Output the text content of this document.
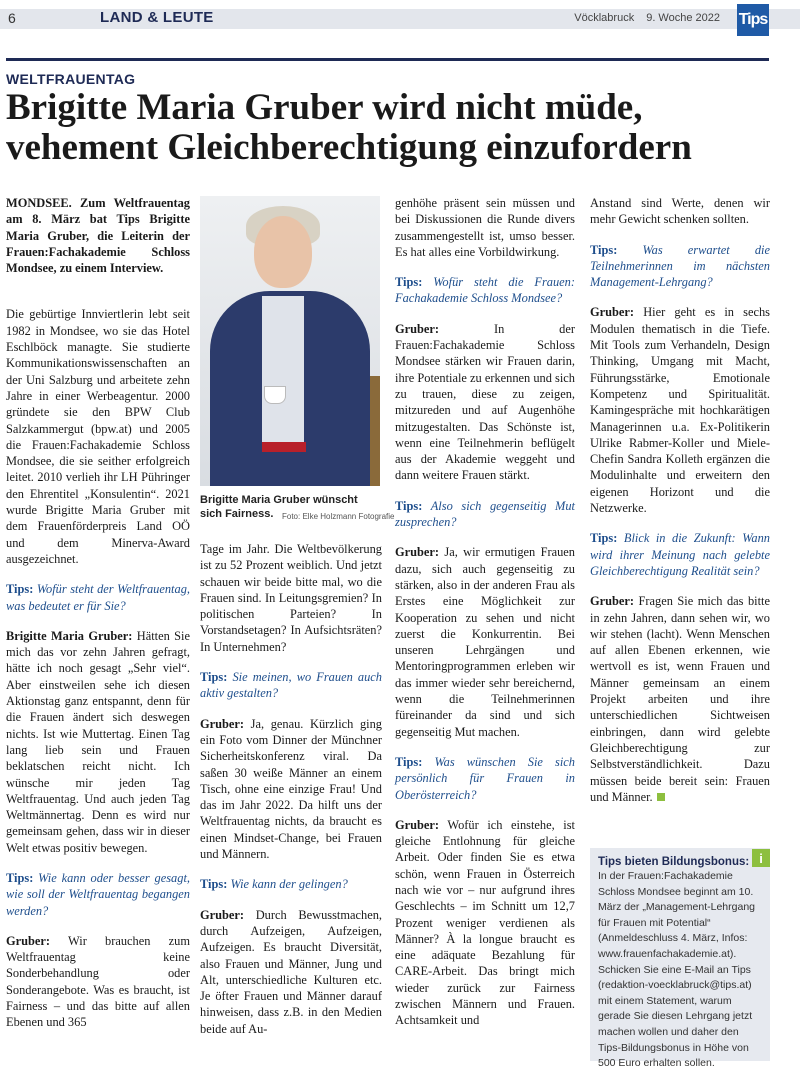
6	LAND & LEUTE	Vöcklabruck 9. Woche 2022 Tips
WELTFRAUENTAG
Brigitte Maria Gruber wird nicht müde, vehement Gleichberechtigung einzufordern

MONDSEE. Zum Weltfrauentag am 8. März bat Tips Brigitte Maria Gruber, die Leiterin der Frauen:Fachakademie Schloss Mondsee, zu einem Interview.

Die gebürtige Innviertlerin lebt seit 1982 in Mondsee, wo sie das Hotel Eschlböck managte. Sie studierte Kommunikationswissenschaften an der Uni Salzburg und arbeitete zehn Jahre in einer Werbeagentur. 2000 gründete sie den BPW Club Salzkammergut (bpw.at) und 2005 die Frauen:Fachakademie Schloss Mondsee, die sie seither erfolgreich leitet. 2010 verlieh ihr LH Pühringer den Ehrentitel „Konsulentin“. 2021 wurde Brigitte Maria Gruber mit dem Frauenförderpreis Land OÖ und dem Minerva-Award ausgezeichnet.

Tips: Wofür steht der Weltfrauentag, was bedeutet er für Sie?

Brigitte Maria Gruber: Hätten Sie mich das vor zehn Jahren gefragt, hätte ich noch gesagt „Sehr viel“. Aber einstweilen sehe ich diesen Aktionstag ganz entspannt, denn für die Frauen ändert sich deswegen nichts. Ist wie Muttertag. Einen Tag lang lieb sein und Frauen beklatschen reicht nicht. Ich wünsche mir jeden Tag Weltfrauentag. Und auch jeden Tag Weltmännertag. Denn es wird nur gemeinsam gehen, dass wir in dieser Welt etwas positiv bewegen.

Tips: Wie kann oder besser gesagt, wie soll der Weltfrauentag begangen werden?

Gruber: Wir brauchen zum Weltfrauentag keine Sonderbehandlung oder Sonderangebote. Was es braucht, ist Fairness – und das bitte auf allen Ebenen und 365

Brigitte Maria Gruber wünscht sich Fairness.	Foto: Elke Holzmann Fotografie

Tage im Jahr. Die Weltbevölkerung ist zu 52 Prozent weiblich. Und jetzt schauen wir beide bitte mal, wo die Frauen sind. In Leitungsgremien? In politischen Parteien? In Vorstandsetagen? In Aufsichtsräten? In Unternehmen?

Tips: Sie meinen, wo Frauen auch aktiv gestalten?

Gruber: Ja, genau. Kürzlich ging ein Foto vom Dinner der Münchner Sicherheitskonferenz viral. Da saßen 30 weiße Männer an einem Tisch, ohne eine einzige Frau! Und das im Jahr 2022. Da hilft uns der Weltfrauentag nichts, da braucht es einen Mindset-Change, bei Frauen und Männern.

Tips: Wie kann der gelingen?

Gruber: Durch Bewusstmachen, durch Aufzeigen, Aufzeigen, Aufzeigen. Es braucht Diversität, also Frauen und Männer, Jung und Alt, unterschiedliche Kulturen etc. Je öfter Frauen und Männer darauf hinweisen, dass z.B. in den Medien beide auf Au-

genhöhe präsent sein müssen und bei Diskussionen die Runde divers zusammengestellt ist, umso besser. Es hat alles eine Vorbildwirkung.

Tips: Wofür steht die Frauen: Fachakademie Schloss Mondsee?

Gruber:	In der Frauen:Fachakademie Schloss Mondsee stärken wir Frauen darin, ihre Potentiale zu erkennen und sich zu trauen, diese zu zeigen, mitzureden und auf Augenhöhe mitzugestalten. Das Schönste ist, wenn eine Teilnehmerin beflügelt aus der Akademie weggeht und dann weitere Frauen stärkt.

Tips: Also sich gegenseitig Mut zusprechen?

Gruber: Ja, wir ermutigen Frauen dazu, sich auch gegenseitig zu stärken, also in der anderen Frau als Erstes eine Möglichkeit zur Kooperation zu sehen und nicht zuerst die Konkurrentin. Bei unseren Lehrgängen und Mentoringprogrammen erleben wir das immer wieder sehr bereichernd, wenn die Teilnehmerinnen füreinander da sind und sich gegenseitig Mut machen.

Tips: Was wünschen Sie sich persönlich für Frauen in Oberösterreich?

Gruber: Wofür ich einstehe, ist gleiche Entlohnung für gleiche Arbeit. Oder finden Sie es etwa schön, wenn Frauen in Österreich nach wie vor – nur aufgrund ihres Geschlechts – im Schnitt um 12,7 Prozent weniger verdienen als Männer? À la longue braucht es eine adäquate Bezahlung für CARE-Arbeit. Das bringt mich wieder zurück zur Fairness zwischen Männern und Frauen. Achtsamkeit und

Anstand sind Werte, denen wir mehr Gewicht schenken sollten.

Tips: Was erwartet die Teilnehmerinnen im nächsten Management-Lehrgang?

Gruber: Hier geht es in sechs Modulen thematisch in die Tiefe. Mit Tools zum Verhandeln, Design Thinking, Umgang mit Macht, Führungsstärke, Emotionale Kompetenz und Spiritualität. Kamingespräche mit hochkarätigen Managerinnen u.a. Ex-Politikerin Ulrike Rabmer-Koller und Miele-Chefin Sandra Kolleth ergänzen die Modulinhalte und erweitern den eigenen Horizont und die Netzwerke.

Tips: Blick in die Zukunft: Wann wird ihrer Meinung nach gelebte Gleichberechtigung Realität sein?

Gruber: Fragen Sie mich das bitte in zehn Jahren, dann sehen wir, wo wir stehen (lacht). Wenn Menschen auf allen Ebenen erkennen, wie wertvoll es ist, wenn Frauen und Männer gemeinsam an einem Projekt arbeiten und ihre unterschiedlichen Sichtweisen einbringen, dann wird gelebte Gleichberechtigung zur Selbstverständlichkeit. Dazu müssen beide bereit sein: Frauen und Männer.

Tips bieten Bildungsbonus:
In der Frauen:Fachakademie Schloss Mondsee beginnt am 10. März der „Management-Lehrgang für Frauen mit Potential“ (Anmeldeschluss 4. März, Infos: www.frauenfachakademie.at). Schicken Sie eine E-Mail an Tips (redaktion-voecklabruck@tips.at) mit einem Statement, warum gerade Sie diesen Lehrgang jetzt machen wollen und daher den Tips-Bildungsbonus in Höhe von 500 Euro erhalten sollen.
i
